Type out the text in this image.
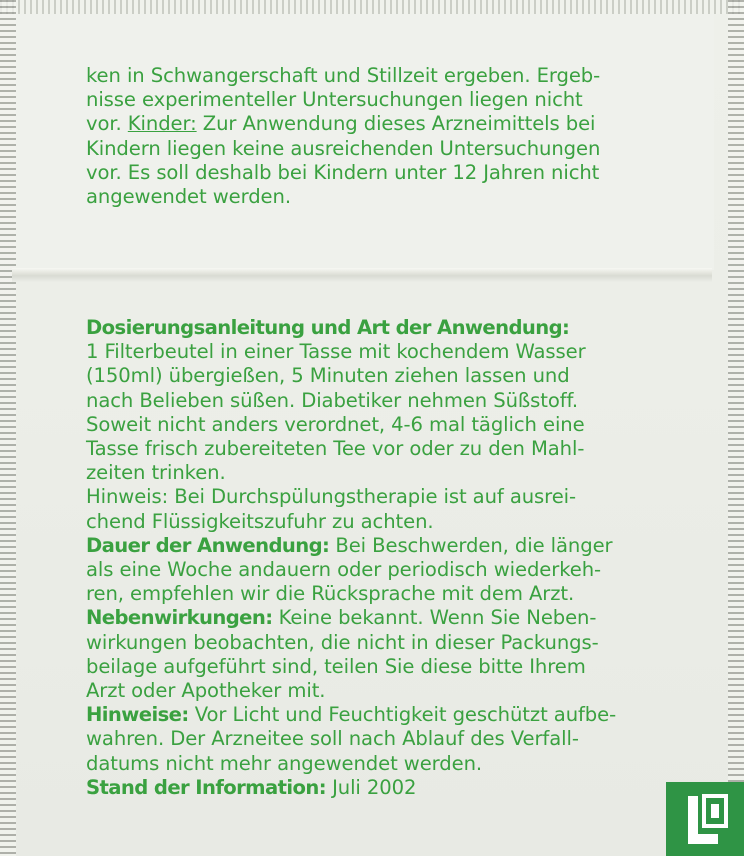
ken in Schwangerschaft und Stillzeit ergeben. Ergeb-
nisse experimenteller Untersuchungen liegen nicht
vor. Kinder: Zur Anwendung dieses Arzneimittels bei
Kindern liegen keine ausreichenden Untersuchungen
vor. Es soll deshalb bei Kindern unter 12 Jahren nicht
angewendet werden.
Dosierungsanleitung und Art der Anwendung:
1 Filterbeutel in einer Tasse mit kochendem Wasser
(150ml) übergießen, 5 Minuten ziehen lassen und
nach Belieben süßen. Diabetiker nehmen Süßstoff.
Soweit nicht anders verordnet, 4-6 mal täglich eine
Tasse frisch zubereiteten Tee vor oder zu den Mahl-
zeiten trinken.
Hinweis: Bei Durchspülungstherapie ist auf ausrei-
chend Flüssigkeitszufuhr zu achten.
Dauer der Anwendung: Bei Beschwerden, die länger
als eine Woche andauern oder periodisch wiederkeh-
ren, empfehlen wir die Rücksprache mit dem Arzt.
Nebenwirkungen: Keine bekannt. Wenn Sie Neben-
wirkungen beobachten, die nicht in dieser Packungs-
beilage aufgeführt sind, teilen Sie diese bitte Ihrem
Arzt oder Apotheker mit.
Hinweise: Vor Licht und Feuchtigkeit geschützt aufbe-
wahren. Der Arzneitee soll nach Ablauf des Verfall-
datums nicht mehr angewendet werden.
Stand der Information: Juli 2002
